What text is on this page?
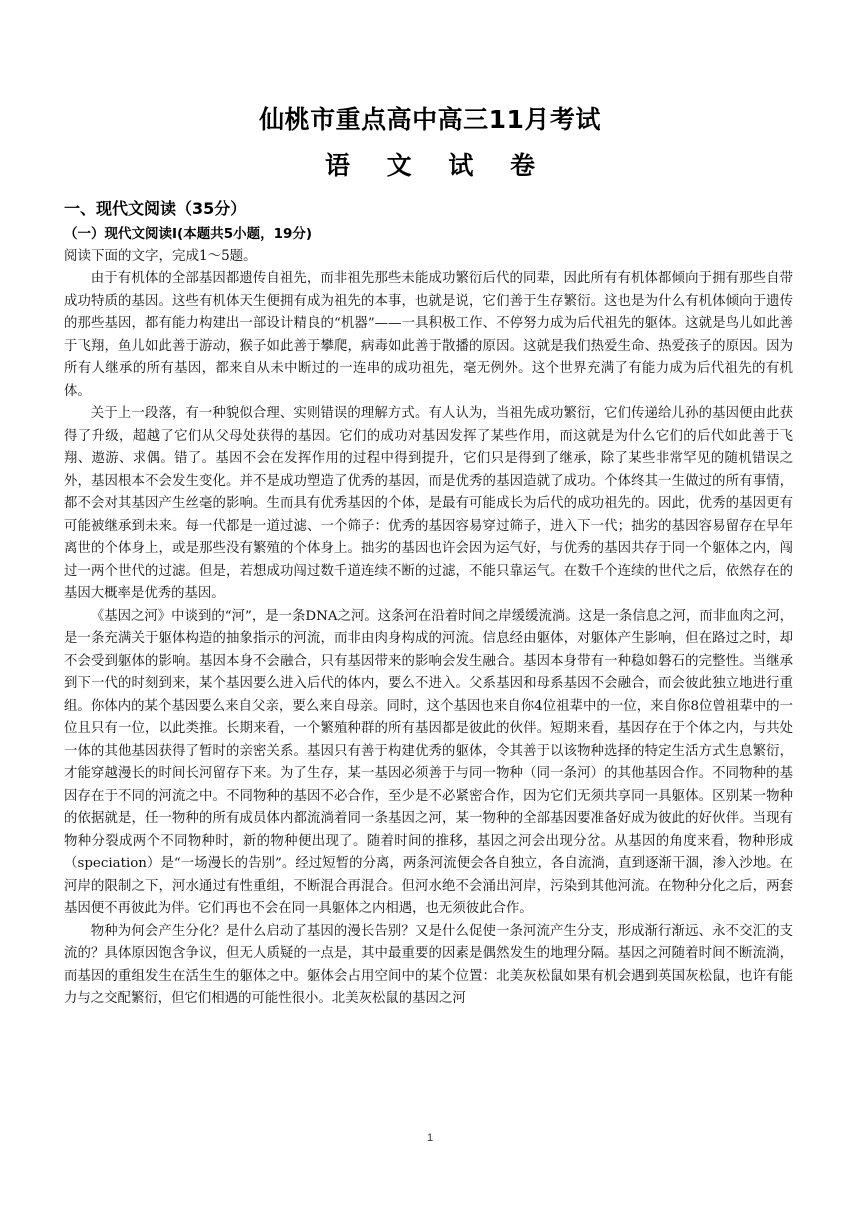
仙桃市重点高中高三11月考试
语 文 试 卷
一、现代文阅读（35分）
（一）现代文阅读I(本题共5小题，19分)
阅读下面的文字，完成1～5题。

由于有机体的全部基因都遗传自祖先，而非祖先那些未能成功繁衍后代的同辈，因此所有有机体都倾向于拥有那些自带成功特质的基因。这些有机体天生便拥有成为祖先的本事，也就是说，它们善于生存繁衍。这也是为什么有机体倾向于遗传的那些基因，都有能力构建出一部设计精良的“机器”——一具积极工作、不停努力成为后代祖先的躯体。这就是鸟儿如此善于飞翔，鱼儿如此善于游动，猴子如此善于攀爬，病毒如此善于散播的原因。这就是我们热爱生命、热爱孩子的原因。因为所有人继承的所有基因，都来自从未中断过的一连串的成功祖先，毫无例外。这个世界充满了有能力成为后代祖先的有机体。

关于上一段落，有一种貌似合理、实则错误的理解方式。有人认为，当祖先成功繁衍，它们传递给儿孙的基因便由此获得了升级，超越了它们从父母处获得的基因。它们的成功对基因发挥了某些作用，而这就是为什么它们的后代如此善于飞翔、遨游、求偶。错了。基因不会在发挥作用的过程中得到提升，它们只是得到了继承，除了某些非常罕见的随机错误之外，基因根本不会发生变化。并不是成功塑造了优秀的基因，而是优秀的基因造就了成功。个体终其一生做过的所有事情，都不会对其基因产生丝毫的影响。生而具有优秀基因的个体，是最有可能成长为后代的成功祖先的。因此，优秀的基因更有可能被继承到未来。每一代都是一道过滤、一个筛子：优秀的基因容易穿过筛子，进入下一代；拙劣的基因容易留存在早年离世的个体身上，或是那些没有繁殖的个体身上。拙劣的基因也许会因为运气好，与优秀的基因共存于同一个躯体之内，闯过一两个世代的过滤。但是，若想成功闯过数千道连续不断的过滤，不能只靠运气。在数千个连续的世代之后，依然存在的基因大概率是优秀的基因。

《基因之河》中谈到的“河”，是一条DNA之河。这条河在沿着时间之岸缓缓流淌。这是一条信息之河，而非血肉之河，是一条充满关于躯体构造的抽象指示的河流，而非由肉身构成的河流。信息经由躯体，对躯体产生影响，但在路过之时，却不会受到躯体的影响。基因本身不会融合，只有基因带来的影响会发生融合。基因本身带有一种稳如磐石的完整性。当继承到下一代的时刻到来，某个基因要么进入后代的体内，要么不进入。父系基因和母系基因不会融合，而会彼此独立地进行重组。你体内的某个基因要么来自父亲，要么来自母亲。同时，这个基因也来自你4位祖辈中的一位，来自你8位曾祖辈中的一位且只有一位，以此类推。长期来看，一个繁殖种群的所有基因都是彼此的伙伴。短期来看，基因存在于个体之内，与共处一体的其他基因获得了暂时的亲密关系。基因只有善于构建优秀的躯体，令其善于以该物种选择的特定生活方式生息繁衍，才能穿越漫长的时间长河留存下来。为了生存，某一基因必须善于与同一物种（同一条河）的其他基因合作。不同物种的基因存在于不同的河流之中。不同物种的基因不必合作，至少是不必紧密合作，因为它们无须共享同一具躯体。区别某一物种的依据就是，任一物种的所有成员体内都流淌着同一条基因之河，某一物种的全部基因要准备好成为彼此的好伙伴。当现有物种分裂成两个不同物种时，新的物种便出现了。随着时间的推移，基因之河会出现分岔。从基因的角度来看，物种形成（speciation）是“一场漫长的告别”。经过短暂的分离，两条河流便会各自独立，各自流淌，直到逐渐干涸，渗入沙地。在河岸的限制之下，河水通过有性重组，不断混合再混合。但河水绝不会涌出河岸，污染到其他河流。在物种分化之后，两套基因便不再彼此为伴。它们再也不会在同一具躯体之内相遇，也无须彼此合作。

物种为何会产生分化？是什么启动了基因的漫长告别？又是什么促使一条河流产生分支，形成渐行渐远、永不交汇的支流的？具体原因饱含争议，但无人质疑的一点是，其中最重要的因素是偶然发生的地理分隔。基因之河随着时间不断流淌，而基因的重组发生在活生生的躯体之中。躯体会占用空间中的某个位置：北美灰松鼠如果有机会遇到英国灰松鼠，也许有能力与之交配繁衍，但它们相遇的可能性很小。北美灰松鼠的基因之河

1
